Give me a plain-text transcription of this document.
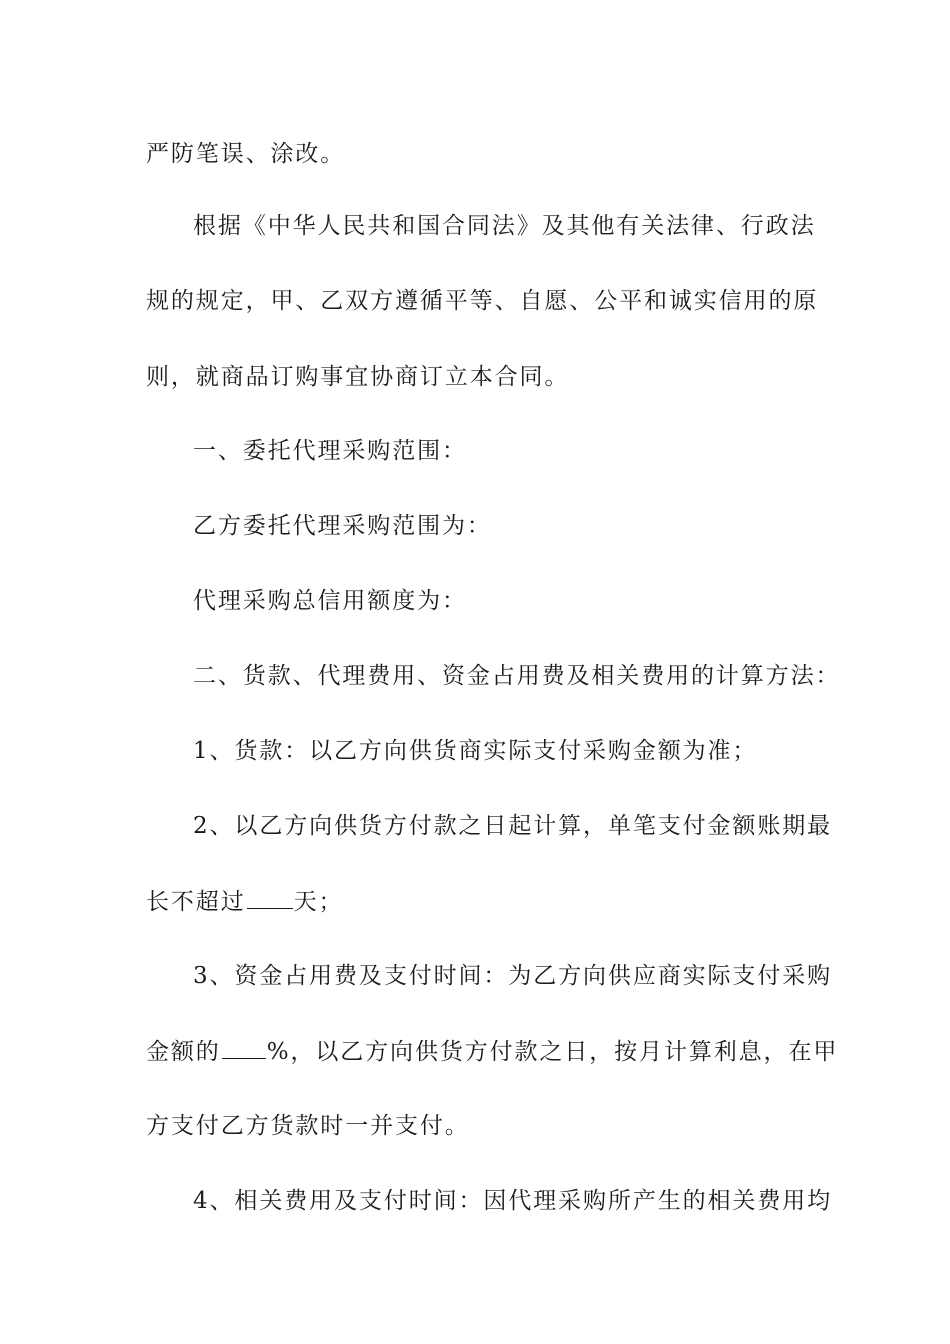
严防笔误、涂改。
根据《中华人民共和国合同法》及其他有关法律、行政法
规的规定，甲、乙双方遵循平等、自愿、公平和诚实信用的原
则，就商品订购事宜协商订立本合同。
一、委托代理采购范围：
乙方委托代理采购范围为：
代理采购总信用额度为：
二、货款、代理费用、资金占用费及相关费用的计算方法：
1、货款：以乙方向供货商实际支付采购金额为准；
2、以乙方向供货方付款之日起计算，单笔支付金额账期最
长不超过 天；
3、资金占用费及支付时间：为乙方向供应商实际支付采购
金额的 %，以乙方向供货方付款之日，按月计算利息，在甲
方支付乙方货款时一并支付。
4、相关费用及支付时间：因代理采购所产生的相关费用均
